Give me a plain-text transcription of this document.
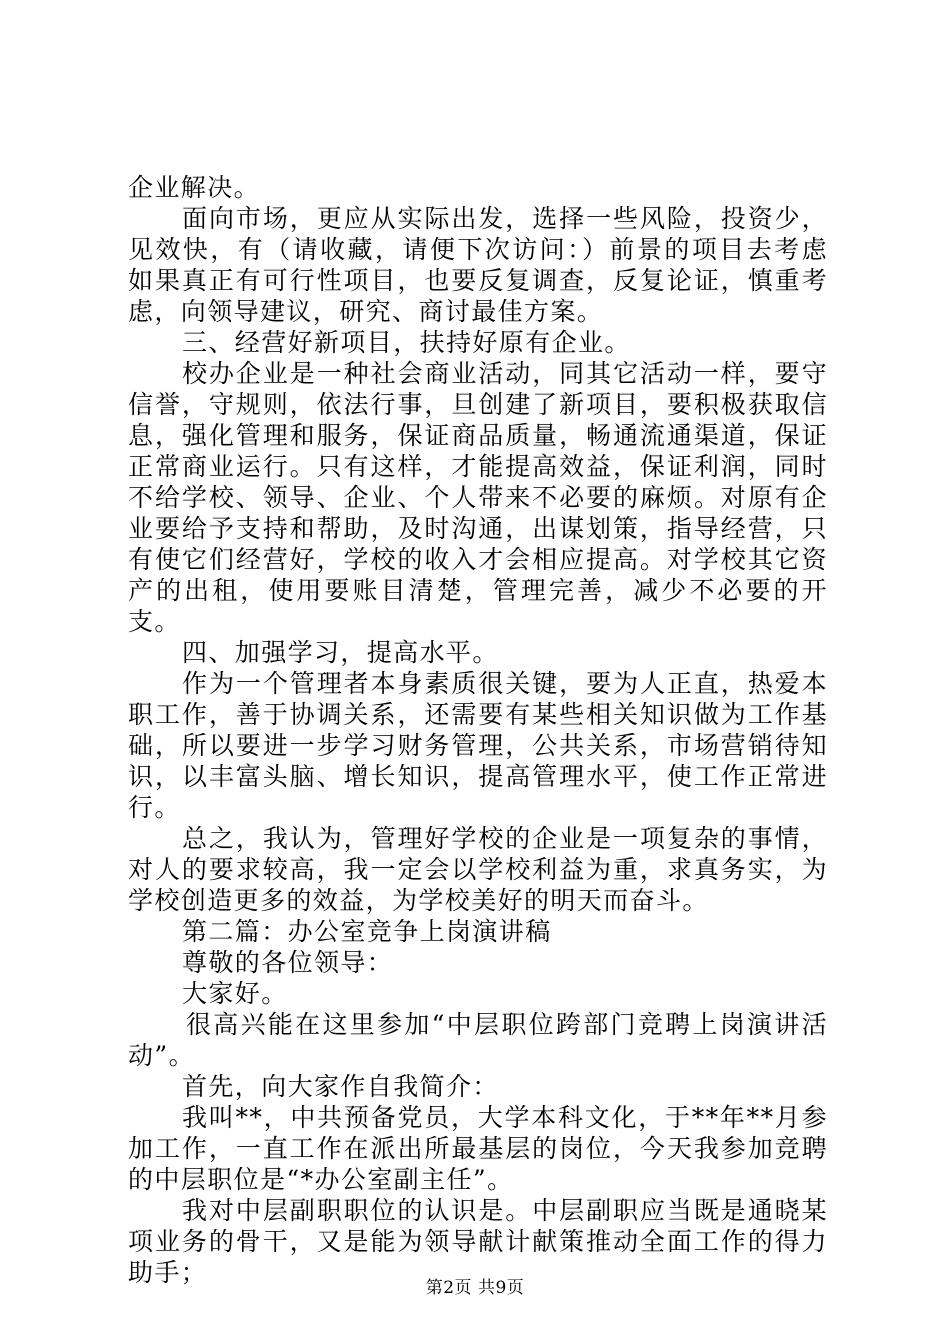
企业解决。

面向市场，更应从实际出发，选择一些风险，投资少，见效快，有（请收藏，请便下次访问：）前景的项目去考虑如果真正有可行性项目，也要反复调查，反复论证，慎重考虑，向领导建议，研究、商讨最佳方案。

三、经营好新项目，扶持好原有企业。

校办企业是一种社会商业活动，同其它活动一样，要守信誉，守规则，依法行事，旦创建了新项目，要积极获取信息，强化管理和服务，保证商品质量，畅通流通渠道，保证正常商业运行。只有这样，才能提高效益，保证利润，同时不给学校、领导、企业、个人带来不必要的麻烦。对原有企业要给予支持和帮助，及时沟通，出谋划策，指导经营，只有使它们经营好，学校的收入才会相应提高。对学校其它资产的出租，使用要账目清楚，管理完善，减少不必要的开支。

四、加强学习，提高水平。

作为一个管理者本身素质很关键，要为人正直，热爱本职工作，善于协调关系，还需要有某些相关知识做为工作基础，所以要进一步学习财务管理，公共关系，市场营销待知识，以丰富头脑、增长知识，提高管理水平，使工作正常进行。

总之，我认为，管理好学校的企业是一项复杂的事情，对人的要求较高，我一定会以学校利益为重，求真务实，为学校创造更多的效益，为学校美好的明天而奋斗。

第二篇：办公室竞争上岗演讲稿

尊敬的各位领导：

大家好。

很高兴能在这里参加“中层职位跨部门竞聘上岗演讲活动”。

首先，向大家作自我简介：

我叫**，中共预备党员，大学本科文化，于**年**月参加工作，一直工作在派出所最基层的岗位，今天我参加竞聘的中层职位是“*办公室副主任”。

我对中层副职职位的认识是。中层副职应当既是通晓某项业务的骨干，又是能为领导献计献策推动全面工作的得力助手；

第2页 共9页
